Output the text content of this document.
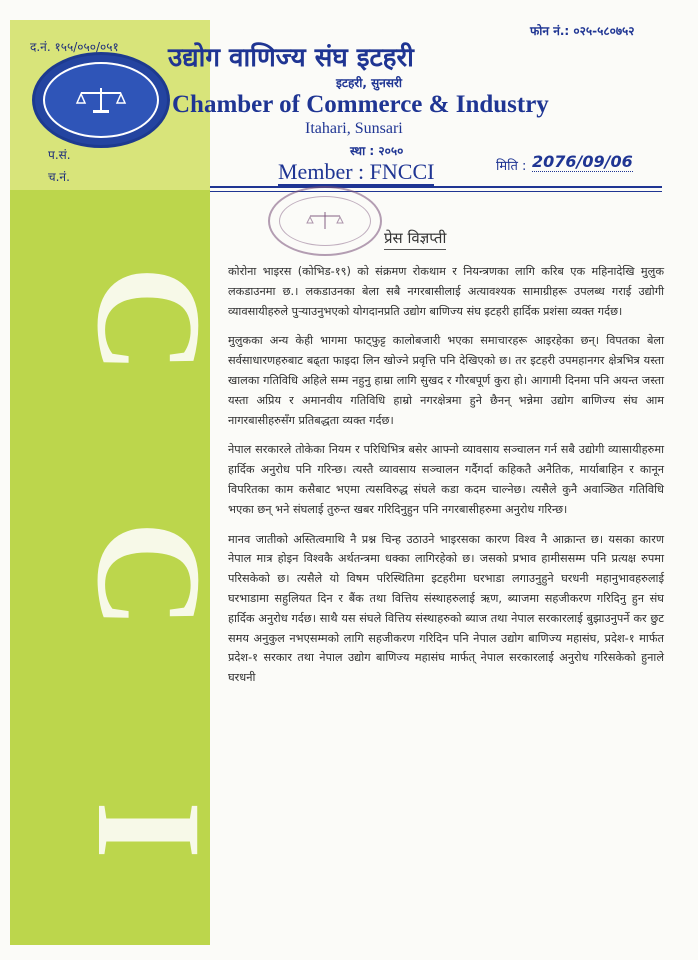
द.नं. १५५/०५०/०५१
प.सं.
च.नं.
फोन नं.: ०२५-५८०७५२
उद्योग वाणिज्य संघ इटहरी
इटहरी, सुनसरी
Chamber of Commerce & Industry
Itahari, Sunsari
स्था : २०५०
Member : FNCCI	मिति : 2076/09/06
C
C
I
प्रेस विज्ञप्ती

कोरोना भाइरस (कोभिड-१९) को संक्रमण रोकथाम र नियन्त्रणका लागि करिब एक महिनादेखि मुलुक लकडाउनमा छ.। लकडाउनका बेला सबै नगरबासीलाई अत्यावश्यक सामाग्रीहरू उपलब्ध गराई उद्योगी व्यावसायीहरुले पुर्‍याउनुभएको योगदानप्रति उद्योग बाणिज्य संघ इटहरी हार्दिक प्रशंसा व्यक्त गर्दछ।

मुलुकका अन्य केही भागमा फाट्फुट्ट कालोबजारी भएका समाचारहरू आइरहेका छन्। विपतका बेला सर्वसाधारणहरुबाट बढ्ता फाइदा लिन खोज्ने प्रवृत्ति पनि देखिएको छ। तर इटहरी उपमहानगर क्षेत्रभित्र यस्ता खालका गतिविधि अहिले सम्म नहुनु हाम्रा लागि सुखद र गौरबपूर्ण कुरा हो। आगामी दिनमा पनि अयन्त जस्ता यस्ता अप्रिय र अमानवीय गतिविधि हाम्रो नगरक्षेत्रमा हुने छैनन् भन्नेमा उद्योग बाणिज्य संघ आम नागरबासीहरुसँग प्रतिबद्धता व्यक्त गर्दछ।

नेपाल सरकारले तोकेका नियम र परिधिभित्र बसेर आफ्नो व्यावसाय सञ्चालन गर्न सबै उद्योगी व्यासायीहरुमा हार्दिक अनुरोध पनि गरिन्छ। त्यस्तै व्यावसाय सञ्चालन गर्दैगर्दा कहिकतै अनैतिक, मार्याबाहिन र कानून विपरितका काम कसैबाट भएमा त्यसविरुद्ध संघले कडा कदम चाल्नेछ। त्यसैले कुनै अवाञ्छित गतिविधि भएका छन् भने संघलाई तुरुन्त खबर गरिदिनुहुन पनि नगरबासीहरुमा अनुरोध गरिन्छ।

मानव जातीको अस्तित्वमाथि नै प्रश्न चिन्ह उठाउने भाइरसका कारण विश्व नै आक्रान्त छ। यसका कारण नेपाल मात्र होइन विश्वकै अर्थतन्त्रमा धक्का लागिरहेको छ। जसको प्रभाव हामीससम्म पनि प्रत्यक्ष रुपमा परिसकेको छ। त्यसैले यो विषम परिस्थितिमा इटहरीमा घरभाडा लगाउनुहुने घरधनी महानुभावहरुलाई घरभाडामा सहुलियत दिन र बैंक तथा वित्तिय संस्थाहरुलाई ऋण, ब्याजमा सहजीकरण गरिदिनु हुन संघ हार्दिक अनुरोध गर्दछ। साथै यस संघले वित्तिय संस्थाहरुको ब्याज तथा नेपाल सरकारलाई बुझाउनुपर्ने कर छुट समय अनुकुल नभएसम्मको लागि सहजीकरण गरिदिन पनि नेपाल उद्योग बाणिज्य महासंघ, प्रदेश-१ मार्फत प्रदेश-१ सरकार तथा नेपाल उद्योग बाणिज्य महासंघ मार्फत् नेपाल सरकारलाई अनुरोध गरिसकेको हुनाले घरधनी
